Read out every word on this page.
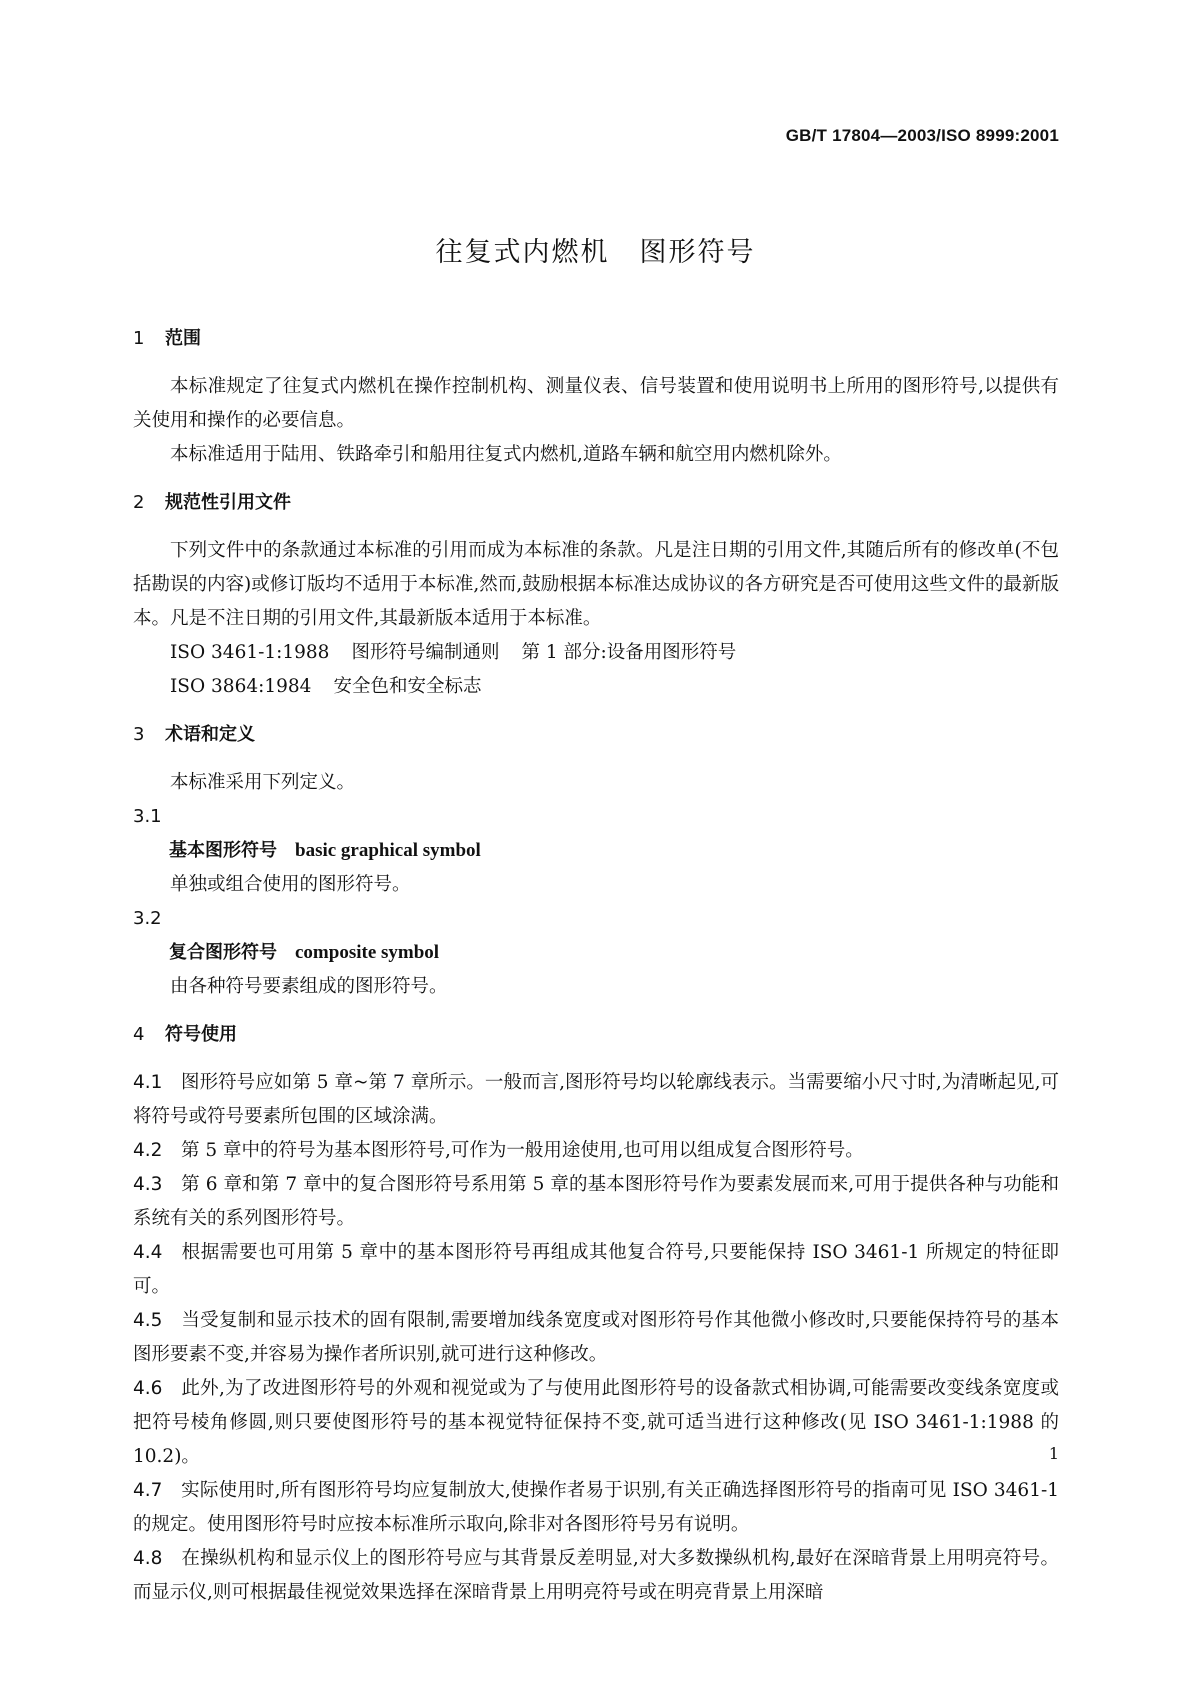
GB/T 17804—2003/ISO 8999:2001
往复式内燃机 图形符号
1 范围

本标准规定了往复式内燃机在操作控制机构、测量仪表、信号装置和使用说明书上所用的图形符号,以提供有关使用和操作的必要信息。

本标准适用于陆用、铁路牵引和船用往复式内燃机,道路车辆和航空用内燃机除外。

2 规范性引用文件

下列文件中的条款通过本标准的引用而成为本标准的条款。凡是注日期的引用文件,其随后所有的修改单(不包括勘误的内容)或修订版均不适用于本标准,然而,鼓励根据本标准达成协议的各方研究是否可使用这些文件的最新版本。凡是不注日期的引用文件,其最新版本适用于本标准。

ISO 3461-1:1988 图形符号编制通则 第 1 部分:设备用图形符号

ISO 3864:1984 安全色和安全标志

3 术语和定义

本标准采用下列定义。

3.1

基本图形符号 basic graphical symbol

单独或组合使用的图形符号。

3.2

复合图形符号 composite symbol

由各种符号要素组成的图形符号。

4 符号使用

4.1 图形符号应如第 5 章~第 7 章所示。一般而言,图形符号均以轮廓线表示。当需要缩小尺寸时,为清晰起见,可将符号或符号要素所包围的区域涂满。

4.2 第 5 章中的符号为基本图形符号,可作为一般用途使用,也可用以组成复合图形符号。

4.3 第 6 章和第 7 章中的复合图形符号系用第 5 章的基本图形符号作为要素发展而来,可用于提供各种与功能和系统有关的系列图形符号。

4.4 根据需要也可用第 5 章中的基本图形符号再组成其他复合符号,只要能保持 ISO 3461-1 所规定的特征即可。

4.5 当受复制和显示技术的固有限制,需要增加线条宽度或对图形符号作其他微小修改时,只要能保持符号的基本图形要素不变,并容易为操作者所识别,就可进行这种修改。

4.6 此外,为了改进图形符号的外观和视觉或为了与使用此图形符号的设备款式相协调,可能需要改变线条宽度或把符号棱角修圆,则只要使图形符号的基本视觉特征保持不变,就可适当进行这种修改(见 ISO 3461-1:1988 的 10.2)。

4.7 实际使用时,所有图形符号均应复制放大,使操作者易于识别,有关正确选择图形符号的指南可见 ISO 3461-1 的规定。使用图形符号时应按本标准所示取向,除非对各图形符号另有说明。

4.8 在操纵机构和显示仪上的图形符号应与其背景反差明显,对大多数操纵机构,最好在深暗背景上用明亮符号。而显示仪,则可根据最佳视觉效果选择在深暗背景上用明亮符号或在明亮背景上用深暗

1
